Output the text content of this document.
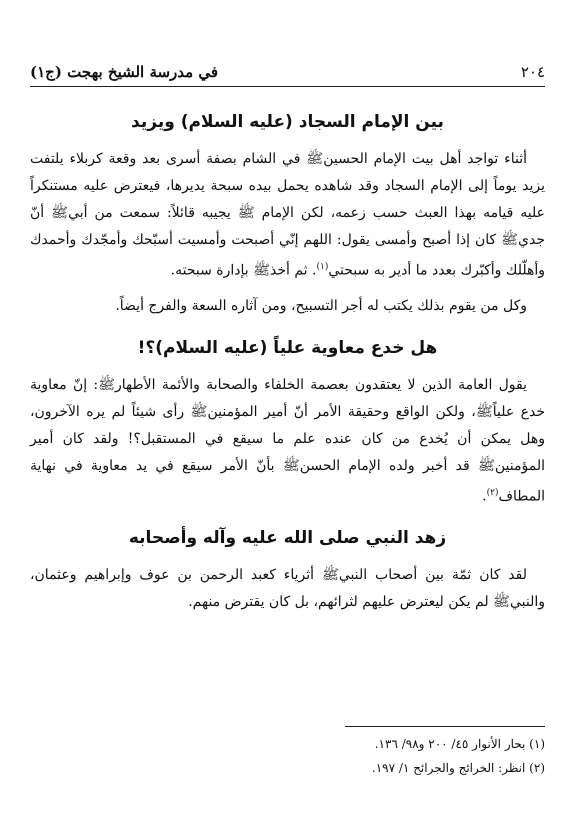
٢٠٤
في مدرسة الشيخ بهجت (ج١)
بين الإمام السجاد (عليه السلام) ويزيد

أثناء تواجد أهل بيت الإمام الحسينﷺ في الشام بصفة أسرى بعد وقعة كربلاء يلتفت يزيد يوماً إلى الإمام السجاد وقد شاهده يحمل بيده سبحة يديرها، فيعترض عليه مستنكراً عليه قيامه بهذا العبث حسب زعمه، لكن الإمام ﷺ يجيبه قائلاً: سمعت من أبيﷺ أنّ جديﷺ كان إذا أصبح وأمسى يقول: اللهم إنّي أصبحت وأمسيت أسبّحك وأمجّدك وأحمدك وأهلّلك وأكبّرك بعدد ما أدير به سبحتي$^{(١)}$. ثم أخذﷺ بإدارة سبحته.

وكل من يقوم بذلك يكتب له أجر التسبيح، ومن آثاره السعة والفرج أيضاً.

هل خدع معاوية علياً (عليه السلام)؟!

يقول العامة الذين لا يعتقدون بعصمة الخلفاء والصحابة والأئمة الأطهارﷺ: إنّ معاوية خدع علياًﷺ، ولكن الواقع وحقيقة الأمر أنّ أمير المؤمنينﷺ رأى شيئاً لم يره الآخرون، وهل يمكن أن يُخدع من كان عنده علم ما سيقع في المستقبل؟! ولقد كان أمير المؤمنينﷺ قد أخبر ولده الإمام الحسنﷺ بأنّ الأمر سيقع في يد معاوية في نهاية المطاف$^{(٢)}$.

زهد النبي صلى الله عليه وآله وأصحابه

لقد كان ثمّة بين أصحاب النبيﷺ أثرياء كعبد الرحمن بن عوف وإبراهيم وعثمان، والنبيﷺ لم يكن ليعترض عليهم لثرائهم، بل كان يقترض منهم.

(١) بحار الأنوار ٤٥/ ٢٠٠ و٩٨/ ١٣٦.

(٢) انظر: الخرائج والجرائح ١/ ١٩٧.
